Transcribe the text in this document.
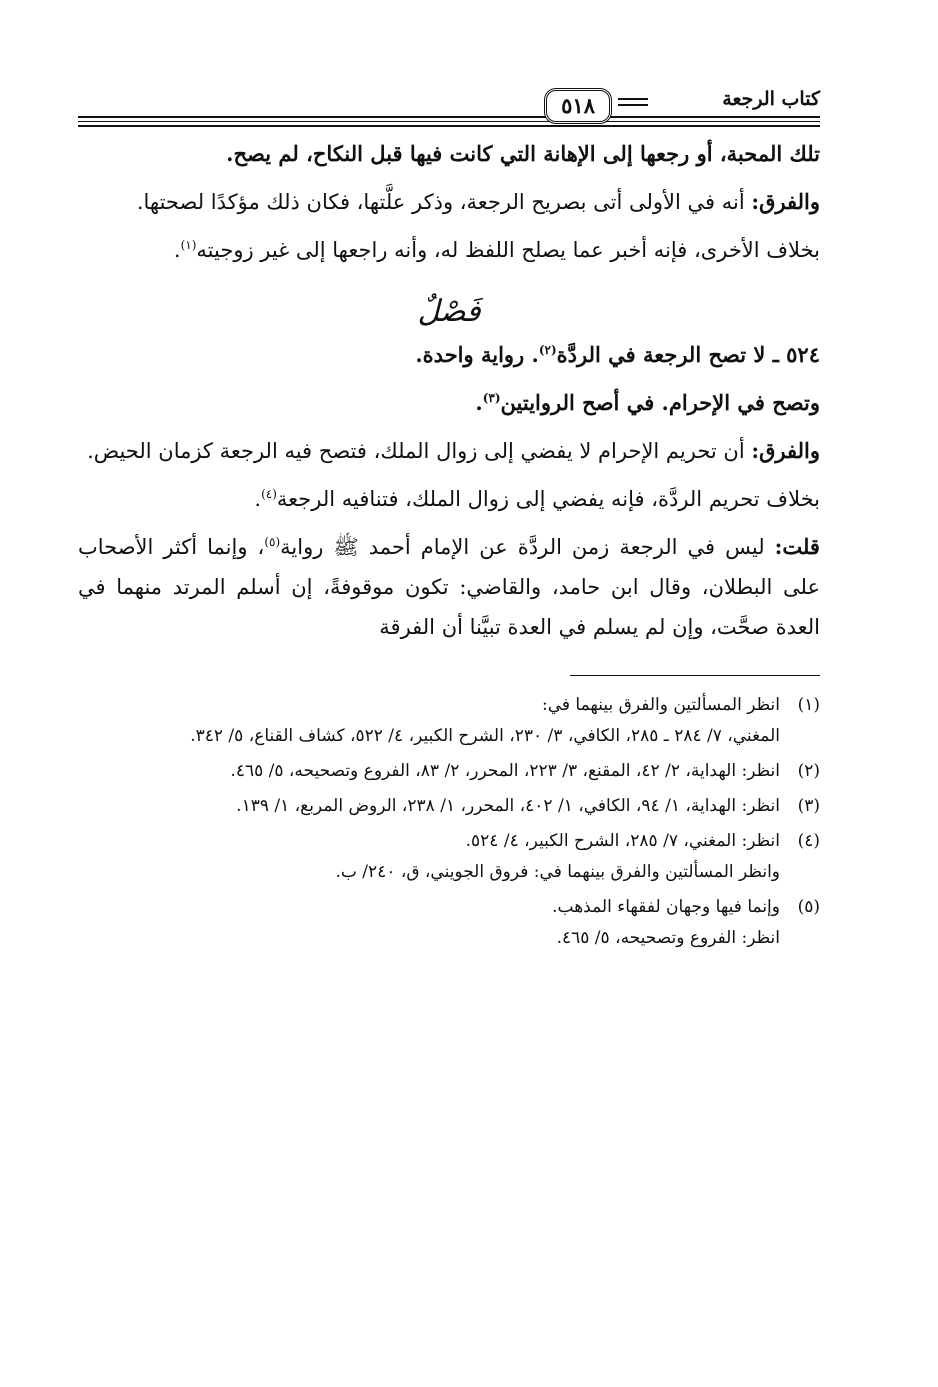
كتاب الرجعة
٥١٨

تلك المحبة، أو رجعها إلى الإهانة التي كانت فيها قبل النكاح، لم يصح.

والفرق: أنه في الأولى أتى بصريح الرجعة، وذكر علَّتها، فكان ذلك مؤكدًا لصحتها.

بخلاف الأخرى، فإنه أخبر عما يصلح اللفظ له، وأنه راجعها إلى غير زوجيته$^{(١)}$.

فَصْلٌ

٥٢٤ ـ لا تصح الرجعة في الردَّة$^{(٢)}$. رواية واحدة.

وتصح في الإحرام. في أصح الروايتين$^{(٣)}$.

والفرق: أن تحريم الإحرام لا يفضي إلى زوال الملك، فتصح فيه الرجعة كزمان الحيض.

بخلاف تحريم الردَّة، فإنه يفضي إلى زوال الملك، فتنافيه الرجعة$^{(٤)}$.

قلت: ليس في الرجعة زمن الردَّة عن الإمام أحمد ﷺ رواية$^{(٥)}$، وإنما أكثر الأصحاب على البطلان، وقال ابن حامد، والقاضي: تكون موقوفةً، إن أسلم المرتد منهما في العدة صحَّت، وإن لم يسلم في العدة تبيَّنا أن الفرقة

(١)
انظر المسألتين والفرق بينهما في:
المغني، ٧/ ٢٨٤ ـ ٢٨٥، الكافي، ٣/ ٢٣٠، الشرح الكبير، ٤/ ٥٢٢، كشاف القناع، ٥/ ٣٤٢.
(٢)
انظر: الهداية، ٢/ ٤٢، المقنع، ٣/ ٢٢٣، المحرر، ٢/ ٨٣، الفروع وتصحيحه، ٥/ ٤٦٥.
(٣)
انظر: الهداية، ١/ ٩٤، الكافي، ١/ ٤٠٢، المحرر، ١/ ٢٣٨، الروض المربع، ١/ ١٣٩.
(٤)
انظر: المغني، ٧/ ٢٨٥، الشرح الكبير، ٤/ ٥٢٤.
وانظر المسألتين والفرق بينهما في: فروق الجويني، ق، ٢٤٠/ ب.
(٥)
وإنما فيها وجهان لفقهاء المذهب.
انظر: الفروع وتصحيحه، ٥/ ٤٦٥.
